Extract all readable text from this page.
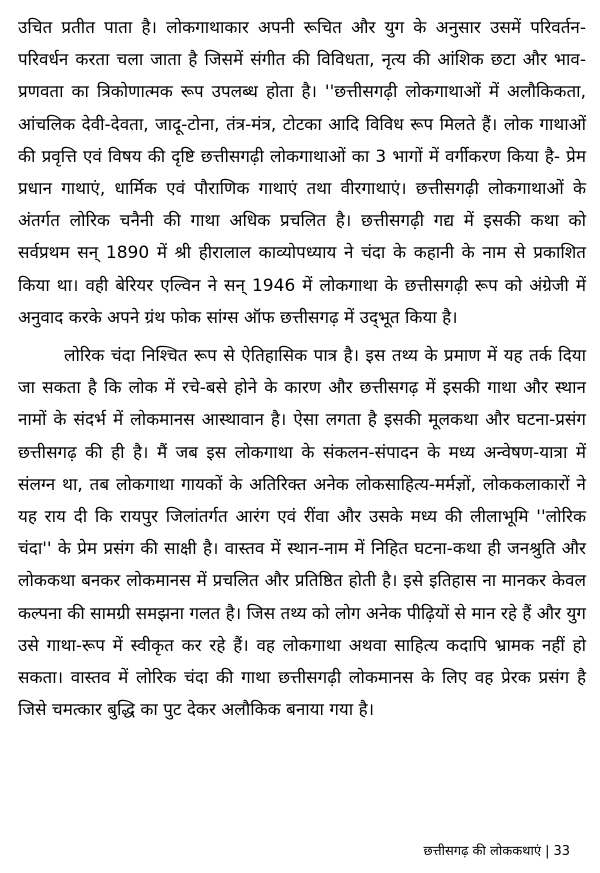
उचित प्रतीत पाता है। लोकगाथाकार अपनी रूचित और युग के अनुसार उसमें परिवर्तन-परिवर्धन करता चला जाता है जिसमें संगीत की विविधता, नृत्य की आंशिक छटा और भाव-प्रणवता का त्रिकोणात्मक रूप उपलब्ध होता है। ''छत्तीसगढ़ी लोकगाथाओं में अलौकिकता, आंचलिक देवी-देवता, जादू-टोना, तंत्र-मंत्र, टोटका आदि विविध रूप मिलते हैं। लोक गाथाओं की प्रवृत्ति एवं विषय की दृष्टि छत्तीसगढ़ी लोकगाथाओं का 3 भागों में वर्गीकरण किया है- प्रेम प्रधान गाथाएं, धार्मिक एवं पौराणिक गाथाएं तथा वीरगाथाएं। छत्तीसगढ़ी लोकगाथाओं के अंतर्गत लोरिक चनैनी की गाथा अधिक प्रचलित है। छत्तीसगढ़ी गद्य में इसकी कथा को सर्वप्रथम सन् 1890 में श्री हीरालाल काव्योपध्याय ने चंदा के कहानी के नाम से प्रकाशित किया था। वही बेरियर एल्विन ने सन् 1946 में लोकगाथा के छत्तीसगढ़ी रूप को अंग्रेजी में अनुवाद करके अपने ग्रंथ फोक सांग्स ऑफ छत्तीसगढ़ में उद्‌भूत किया है।

लोरिक चंदा निश्चित रूप से ऐतिहासिक पात्र है। इस तथ्य के प्रमाण में यह तर्क दिया जा सकता है कि लोक में रचे-बसे होने के कारण और छत्तीसगढ़ में इसकी गाथा और स्थान नामों के संदर्भ में लोकमानस आस्थावान है। ऐसा लगता है इसकी मूलकथा और घटना-प्रसंग छत्तीसगढ़ की ही है। मैं जब इस लोकगाथा के संकलन-संपादन के मध्य अन्वेषण-यात्रा में संलग्न था, तब लोकगाथा गायकों के अतिरिक्त अनेक लोकसाहित्य-मर्मज्ञों, लोककलाकारों ने यह राय दी कि रायपुर जिलांतर्गत आरंग एवं रींवा और उसके मध्य की लीलाभूमि ''लोरिक चंदा'' के प्रेम प्रसंग की साक्षी है। वास्तव में स्थान-नाम में निहित घटना-कथा ही जनश्रुति और लोककथा बनकर लोकमानस में प्रचलित और प्रतिष्ठित होती है। इसे इतिहास ना मानकर केवल कल्पना की सामग्री समझना गलत है। जिस तथ्य को लोग अनेक पीढ़ियों से मान रहे हैं और युग उसे गाथा-रूप में स्वीकृत कर रहे हैं। वह लोकगाथा अथवा साहित्य कदापि भ्रामक नहीं हो सकता। वास्तव में लोरिक चंदा की गाथा छत्तीसगढ़ी लोकमानस के लिए वह प्रेरक प्रसंग है जिसे चमत्कार बुद्धि का पुट देकर अलौकिक बनाया गया है।

छत्तीसगढ़ की लोककथाएं | 33
